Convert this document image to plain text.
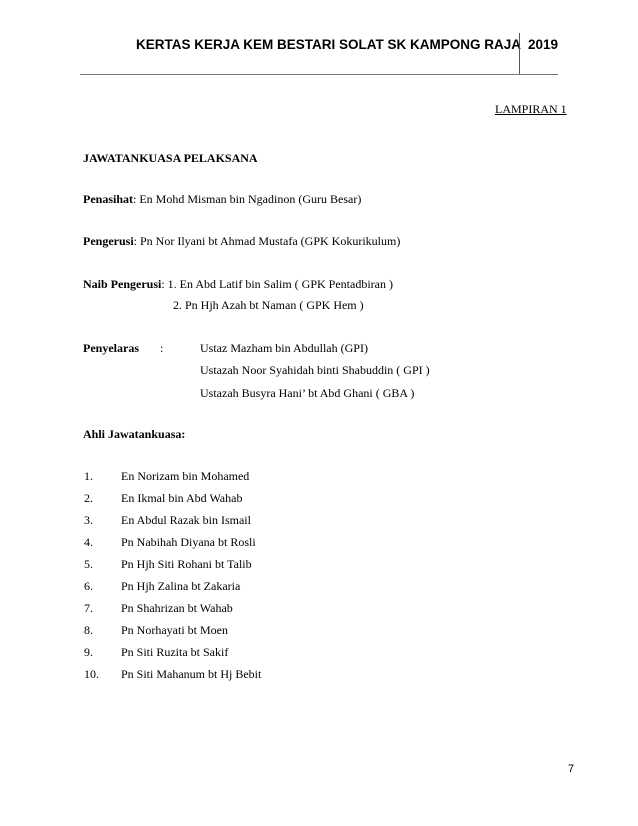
KERTAS KERJA KEM BESTARI SOLAT SK KAMPONG RAJA 2019
LAMPIRAN 1
JAWATANKUASA PELAKSANA
Penasihat: En Mohd Misman bin Ngadinon (Guru Besar)
Pengerusi: Pn Nor Ilyani bt Ahmad Mustafa (GPK Kokurikulum)
Naib Pengerusi: 1. En Abd Latif bin Salim ( GPK Pentadbiran )
2. Pn Hjh Azah bt Naman ( GPK Hem )
Penyelaras :	Ustaz Mazham bin Abdullah (GPI)
Ustazah Noor Syahidah binti Shabuddin ( GPI )
Ustazah Busyra Hani’ bt Abd Ghani ( GBA )
Ahli Jawatankuasa:
1. En Norizam bin Mohamed
2. En Ikmal bin Abd Wahab
3. En Abdul Razak bin Ismail
4. Pn Nabihah Diyana bt Rosli
5. Pn Hjh Siti Rohani bt Talib
6. Pn Hjh Zalina bt Zakaria
7. Pn Shahrizan bt Wahab
8. Pn Norhayati bt Moen
9. Pn Siti Ruzita bt Sakif
10. Pn Siti Mahanum bt Hj Bebit
7
